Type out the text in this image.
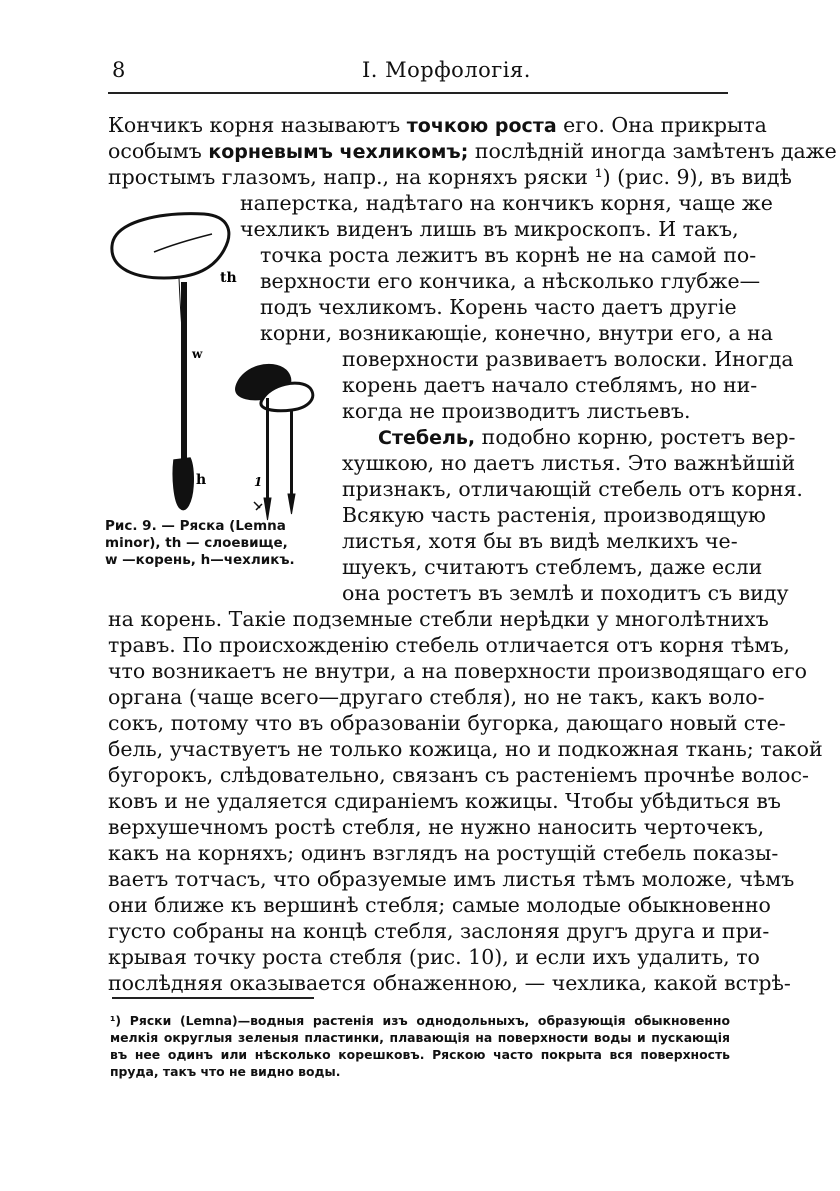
8	I. Морфологiя.
Кончикъ корня называютъ точкою роста его. Она прикрыта
особымъ корневымъ чехликомъ; послѣднiй иногда замѣтенъ даже
простымъ глазомъ, напр., на корняхъ ряски ¹) (рис. 9), въ видѣ
наперстка, надѣтаго на кончикъ корня, чаще же
чехликъ виденъ лишь въ микроскопъ. И такъ,
точка роста лежитъ въ корнѣ не на самой по-
верхности его кончика, а нѣсколько глубже—
подъ чехликомъ. Корень часто даетъ другiе
корни, возникающiе, конечно, внутри его, а на
поверхности развиваетъ волоски. Иногда
корень даетъ начало стеблямъ, но ни-
когда не производитъ листьевъ.
Стебель, подобно корню, ростетъ вер-
хушкою, но даетъ листья. Это важнѣйшiй
признакъ, отличающiй стебель отъ корня.
Всякую часть растенiя, производящую
листья, хотя бы въ видѣ мелкихъ че-
шуекъ, считаютъ стеблемъ, даже если
она ростетъ въ землѣ и походитъ съ виду
на корень. Такiе подземные стебли нерѣдки у многолѣтнихъ
травъ. По происхожденiю стебель отличается отъ корня тѣмъ,
что возникаетъ не внутри, а на поверхности производящаго его
органа (чаще всего—другаго стебля), но не такъ, какъ воло-
сокъ, потому что въ образованiи бугорка, дающаго новый сте-
бель, участвуетъ не только кожица, но и подкожная ткань; такой
бугорокъ, слѣдовательно, связанъ съ растенiемъ прочнѣе волос-
ковъ и не удаляется сдиранiемъ кожицы. Чтобы убѣдиться въ
верхушечномъ ростѣ стебля, не нужно наносить черточекъ,
какъ на корняхъ; одинъ взглядъ на ростущiй стебель показы-
ваетъ тотчасъ, что образуемые имъ листья тѣмъ моложе, чѣмъ
они ближе къ вершинѣ стебля; самые молодые обыкновенно
густо собраны на концѣ стебля, заслоняя другъ друга и при-
крывая точку роста стебля (рис. 10), и если ихъ удалить, то
послѣдняя оказывается обнаженною, — чехлика, какой встрѣ-
th
w
h	1
Рис. 9. — Ряска (Lemna
minor), th — слоевище,
w —корень, h—чехликъ.
¹) Ряски (Lemna)—водныя растенiя изъ однодольныхъ, образующiя обыкновенно
мелкiя округлыя зеленыя пластинки, плавающiя на поверхности воды и пускающiя
въ нее одинъ или нѣсколько корешковъ. Ряскою часто покрыта вся поверхность
пруда, такъ что не видно воды.
